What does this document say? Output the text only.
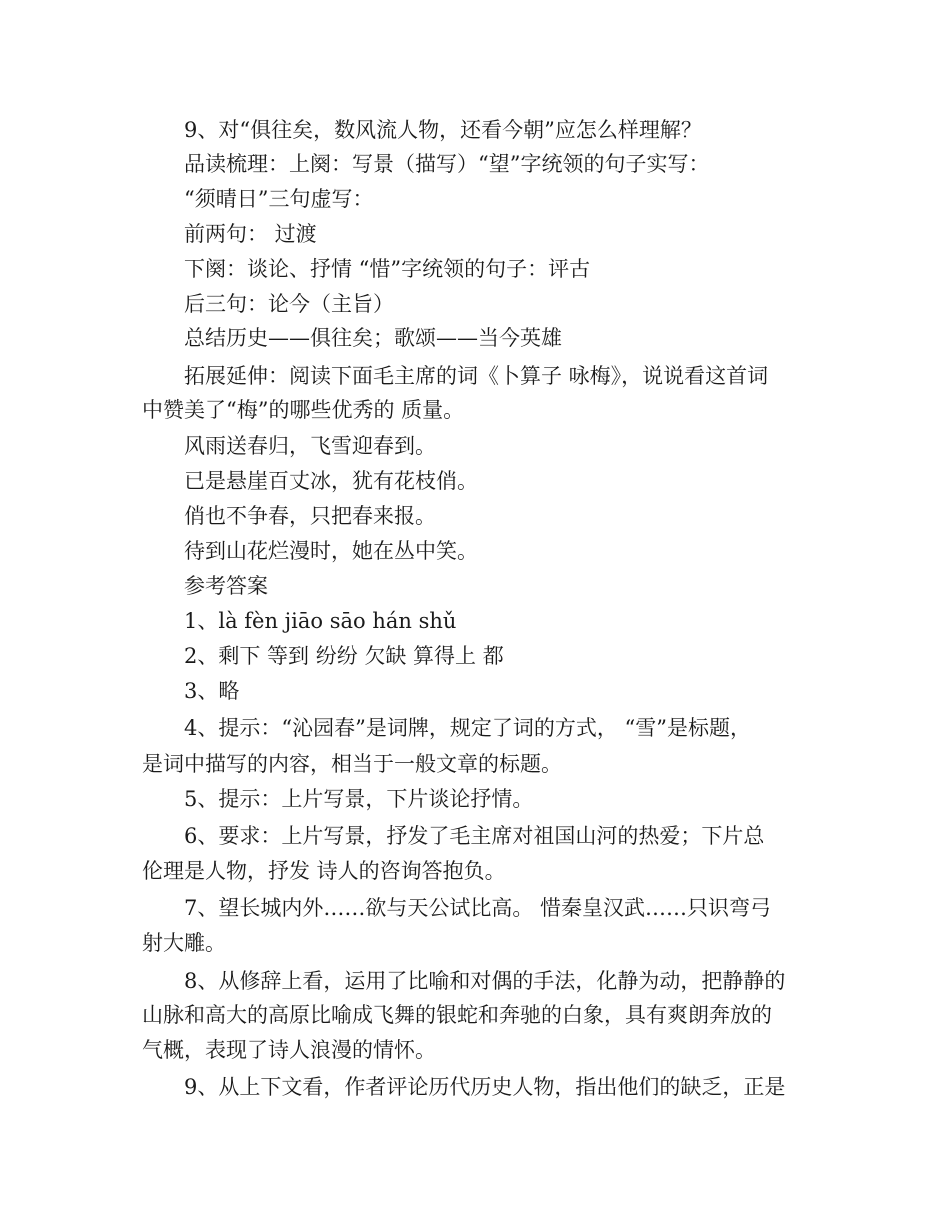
9、对“俱往矣，数风流人物，还看今朝”应怎么样理解？
品读梳理：上阕：写景（描写）“望”字统领的句子实写：
“须晴日”三句虚写：
前两句： 过渡
下阕：谈论、抒情 “惜”字统领的句子：评古
后三句：论今（主旨）
总结历史——俱往矣；歌颂——当今英雄
拓展延伸：阅读下面毛主席的词《卜算子 咏梅》，说说看这首词
中赞美了“梅”的哪些优秀的 质量。
风雨送春归，飞雪迎春到。
已是悬崖百丈冰，犹有花枝俏。
俏也不争春，只把春来报。
待到山花烂漫时，她在丛中笑。
参考答案
1、là fèn jiāo sāo hán shǔ
2、剩下 等到 纷纷 欠缺 算得上 都
3、略
4、提示：“沁园春”是词牌，规定了词的方式， “雪”是标题，
是词中描写的内容，相当于一般文章的标题。
5、提示：上片写景，下片谈论抒情。
6、要求：上片写景，抒发了毛主席对祖国山河的热爱；下片总
伦理是人物，抒发 诗人的咨询答抱负。
7、望长城内外……欲与天公试比高。 惜秦皇汉武……只识弯弓
射大雕。
8、从修辞上看，运用了比喻和对偶的手法，化静为动，把静静的
山脉和高大的高原比喻成飞舞的银蛇和奔驰的白象，具有爽朗奔放的
气概，表现了诗人浪漫的情怀。
9、从上下文看，作者评论历代历史人物，指出他们的缺乏，正是
